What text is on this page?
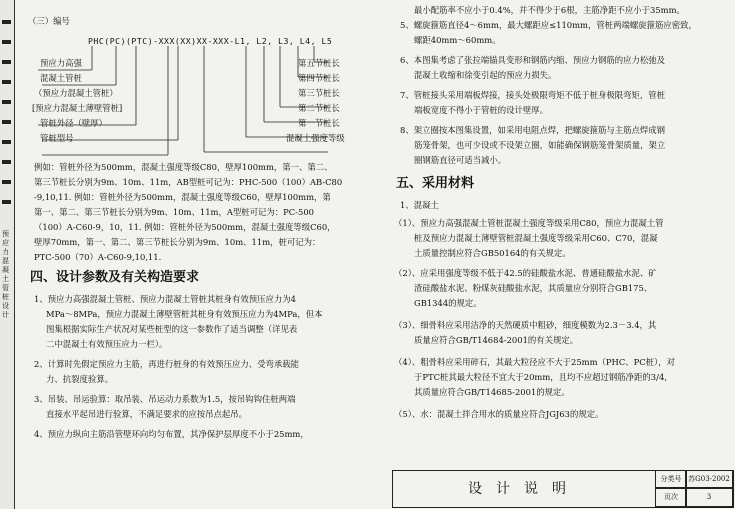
预
应
力
混
凝
土
管
桩
设
计
（三）编号
PHC(PC)(PTC)-XXX(XX)XX-XXX-L1, L2, L3, L4, L5
预应力高强
混凝土管桩
（预应力混凝土管桩）
[预应力混凝土薄壁管桩]
管桩外径（壁厚）
管桩型号
第五节桩长
第四节桩长
第三节桩长
第二节桩长
第一节桩长
混凝土强度等级
例如：管桩外径为500mm，混凝土强度等级C80，壁厚100mm，第一、第二、
第三节桩长分别为9m、10m、11m，AB型桩可记为：PHC-500（100）AB-C80
-9,10,11. 例如：管桩外径为500mm，混凝土强度等级C60，壁厚100mm，第
第一、第二、第三节桩长分别为9m、10m、11m，A型桩可记为：PC-500
（100）A-C60-9，10，11. 例如：管桩外径为500mm，混凝土强度等级C60，
壁厚70mm，第一、第二、第三节桩长分别为9m、10m、11m，桩可记为：
PTC-500（70）A-C60-9,10,11.
四、设计参数及有关构造要求
1、预应力高强混凝土管桩、预应力混凝土管桩其桩身有效预压应力为4
MPa～8MPa，预应力混凝土薄壁管桩其桩身有效预压应力为4MPa，但本
图集根据实际生产状况对某些桩型的这一参数作了适当调整（详见表
二中混凝土有效预压应力一栏）。
2、计算时先假定预应力主筋，再进行桩身的有效预压应力、受弯承载能
力、抗裂度验算。
3、吊装、吊运验算：取吊装、吊运动力系数为1.5，按吊钩钩住桩两端
直接水平起吊进行验算，不满足要求的应按吊点起吊。
4、预应力纵向主筋沿管壁环向均匀布置，其净保护层厚度不小于25mm，
最小配筋率不应小于0.4%，并不得少于6根，主筋净距不应小于35mm。
5、螺旋箍筋直径4～6mm，最大螺距应≤110mm，管桩两端螺旋箍筋应密致，
螺距40mm～60mm。
6、本图集考虑了张拉端锚具变形和钢筋内缩、预应力钢筋的应力松弛及
混凝土收缩和徐变引起的预应力损失。
7、管桩接头采用端板焊接，接头处极限弯矩不低于桩身极限弯矩，管桩
端板宽度不得小于管桩的设计壁厚。
8、架立圈按本图集设置，如采用电阻点焊，把螺旋箍筋与主筋点焊成钢
筋笼骨架，也可少设或不设架立圈，如能确保钢筋笼骨架质量，架立
圈钢筋直径可适当减小。
五、采用材料
1、混凝土
（1）、预应力高强混凝土管桩混凝土强度等级采用C80，预应力混凝土管
桩及预应力混凝土薄壁管桩混凝土强度等级采用C60、C70，混凝
土质量控制应符合GB50164的有关规定。
（2）、应采用强度等级不低于42.5的硅酸盐水泥、普通硅酸盐水泥、矿
渣硅酸盐水泥、粉煤灰硅酸盐水泥，其质量应分别符合GB175、
GB1344的规定。
（3）、细骨料应采用洁净的天然硬质中粗砂，细度模数为2.3－3.4，其
质量应符合GB/T14684-2001的有关规定。
（4）、粗骨料应采用碎石，其最大粒径应不大于25mm（PHC、PC桩），对
于PTC桩其最大粒径不宜大于20mm，且均不应超过钢筋净距的3/4，
其质量应符合GB/T14685-2001的规定。
（5）、水：混凝土拌合用水的质量应符合JGJ63的规定。
设计说明
分类号 苏G03-2002
页次	3
